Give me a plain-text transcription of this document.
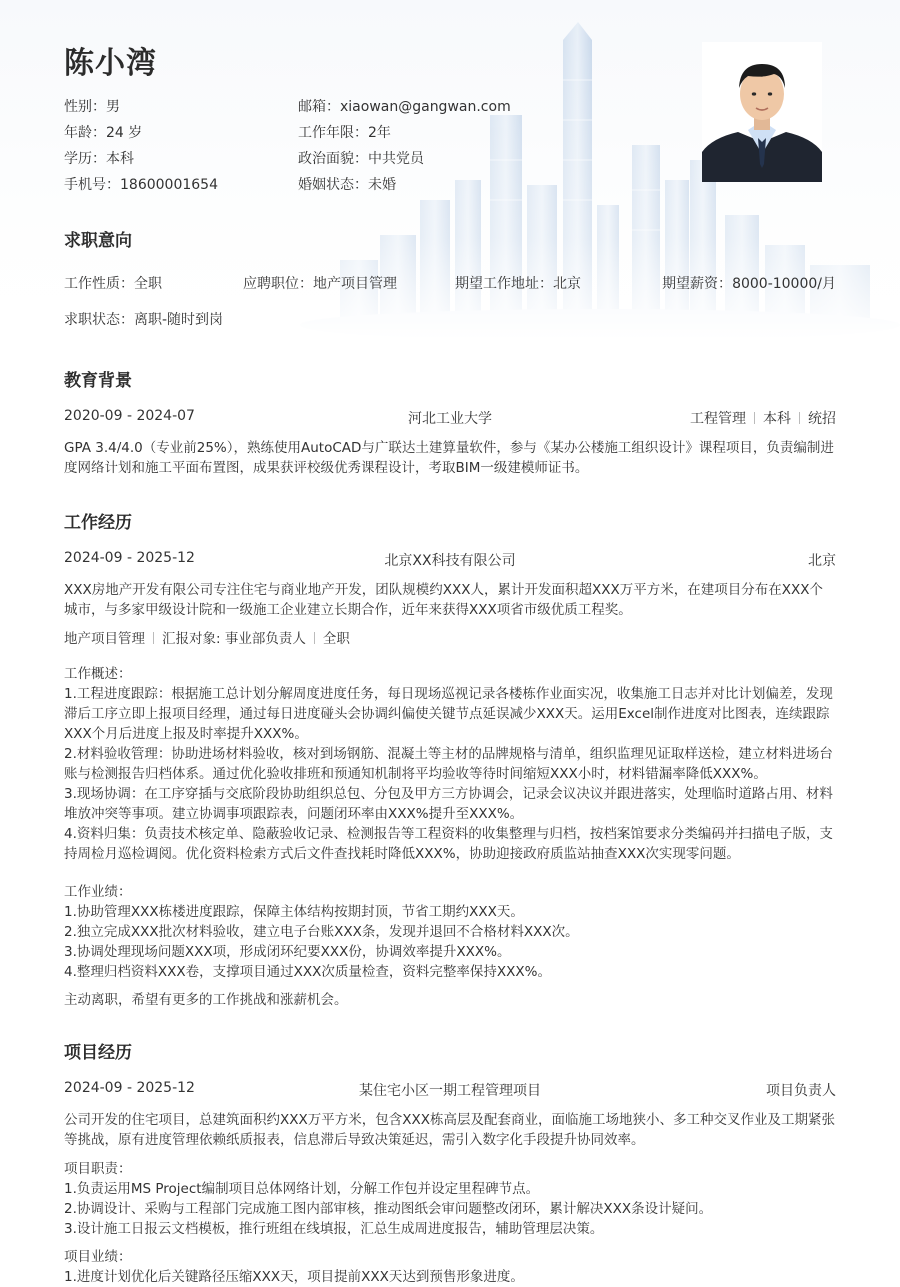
陈小湾
性别：男	邮箱：xiaowan@gangwan.com
年龄：24 岁	工作年限：2年
学历：本科	政治面貌：中共党员
手机号：18600001654	婚姻状态：未婚
求职意向
工作性质：全职	应聘职位：地产项目管理	期望工作地址：北京	期望薪资：8000-10000/月
求职状态：离职-随时到岗
教育背景
2020-09 - 2024-07	河北工业大学	工程管理 本科 统招
GPA 3.4/4.0（专业前25%），熟练使用AutoCAD与广联达土建算量软件，参与《某办公楼施工组织设计》课程项目，负责编制进度网络计划和施工平面布置图，成果获评校级优秀课程设计，考取BIM一级建模师证书。
工作经历
2024-09 - 2025-12	北京XX科技有限公司	北京
XXX房地产开发有限公司专注住宅与商业地产开发，团队规模约XXX人，累计开发面积超XXX万平方米，在建项目分布在XXX个城市，与多家甲级设计院和一级施工企业建立长期合作，近年来获得XXX项省市级优质工程奖。
地产项目管理 汇报对象: 事业部负责人 全职
工作概述：
1.工程进度跟踪：根据施工总计划分解周度进度任务，每日现场巡视记录各楼栋作业面实况，收集施工日志并对比计划偏差，发现滞后工序立即上报项目经理，通过每日进度碰头会协调纠偏使关键节点延误减少XXX天。运用Excel制作进度对比图表，连续跟踪XXX个月后进度上报及时率提升XXX%。
2.材料验收管理：协助进场材料验收，核对到场钢筋、混凝土等主材的品牌规格与清单，组织监理见证取样送检，建立材料进场台账与检测报告归档体系。通过优化验收排班和预通知机制将平均验收等待时间缩短XXX小时，材料错漏率降低XXX%。
3.现场协调：在工序穿插与交底阶段协助组织总包、分包及甲方三方协调会，记录会议决议并跟进落实，处理临时道路占用、材料堆放冲突等事项。建立协调事项跟踪表，问题闭环率由XXX%提升至XXX%。
4.资料归集：负责技术核定单、隐蔽验收记录、检测报告等工程资料的收集整理与归档，按档案馆要求分类编码并扫描电子版，支持周检月巡检调阅。优化资料检索方式后文件查找耗时降低XXX%，协助迎接政府质监站抽查XXX次实现零问题。
工作业绩：
1.协助管理XXX栋楼进度跟踪，保障主体结构按期封顶，节省工期约XXX天。
2.独立完成XXX批次材料验收，建立电子台账XXX条，发现并退回不合格材料XXX次。
3.协调处理现场问题XXX项，形成闭环纪要XXX份，协调效率提升XXX%。
4.整理归档资料XXX卷，支撑项目通过XXX次质量检查，资料完整率保持XXX%。
主动离职，希望有更多的工作挑战和涨薪机会。
项目经历
2024-09 - 2025-12	某住宅小区一期工程管理项目	项目负责人
公司开发的住宅项目，总建筑面积约XXX万平方米，包含XXX栋高层及配套商业，面临施工场地狭小、多工种交叉作业及工期紧张等挑战，原有进度管理依赖纸质报表，信息滞后导致决策延迟，需引入数字化手段提升协同效率。
项目职责：
1.负责运用MS Project编制项目总体网络计划，分解工作包并设定里程碑节点。
2.协调设计、采购与工程部门完成施工图内部审核，推动图纸会审问题整改闭环，累计解决XXX条设计疑问。
3.设计施工日报云文档模板，推行班组在线填报，汇总生成周进度报告，辅助管理层决策。
项目业绩：
1.进度计划优化后关键路径压缩XXX天，项目提前XXX天达到预售形象进度。
